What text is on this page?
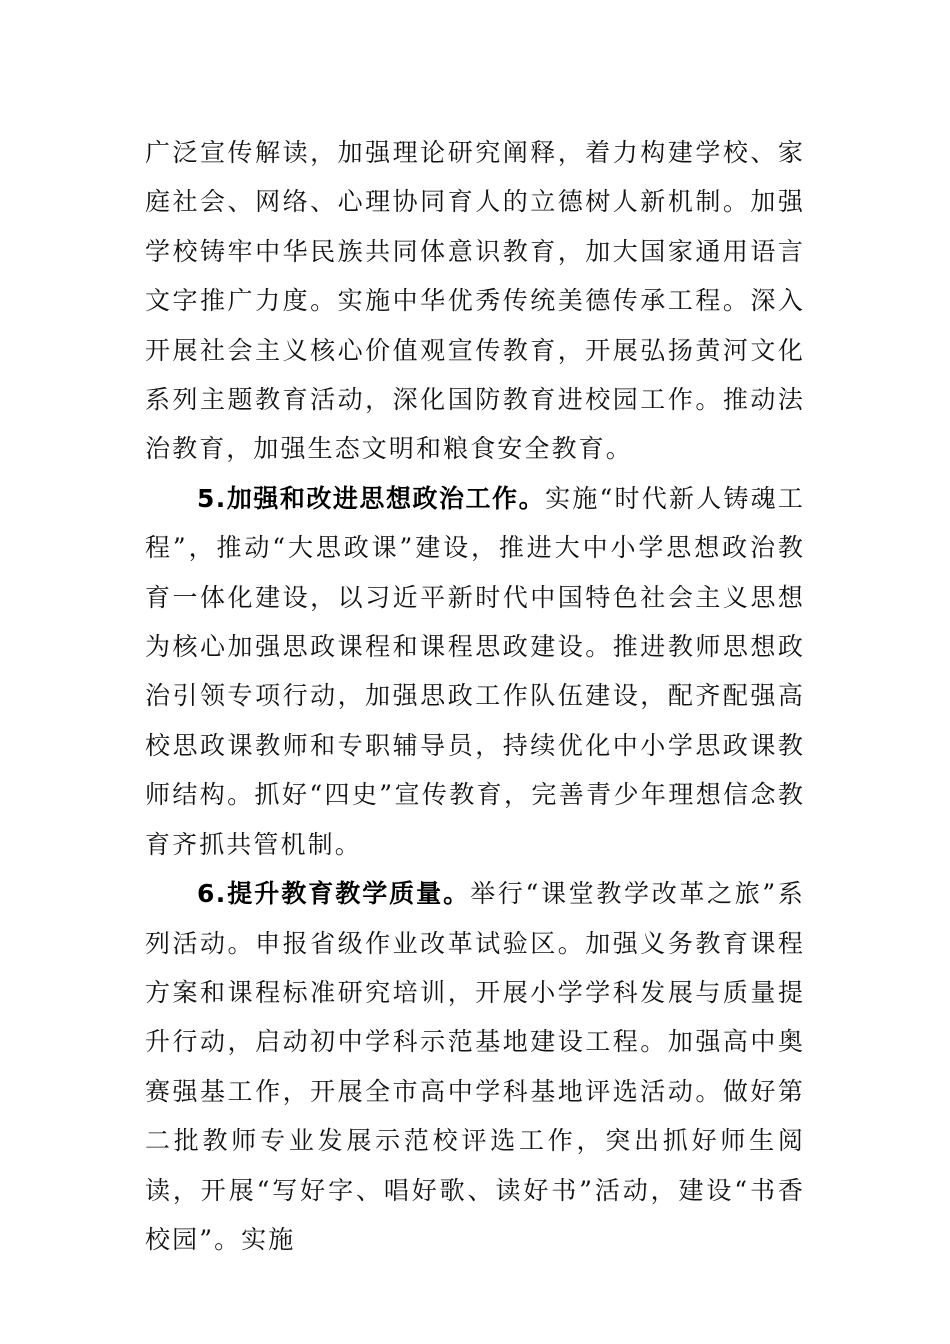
广泛宣传解读，加强理论研究阐释，着力构建学校、家庭社会、网络、心理协同育人的立德树人新机制。加强学校铸牢中华民族共同体意识教育，加大国家通用语言文字推广力度。实施中华优秀传统美德传承工程。深入开展社会主义核心价值观宣传教育，开展弘扬黄河文化系列主题教育活动，深化国防教育进校园工作。推动法治教育，加强生态文明和粮食安全教育。

5.加强和改进思想政治工作。实施“时代新人铸魂工程”，推动“大思政课”建设，推进大中小学思想政治教育一体化建设，以习近平新时代中国特色社会主义思想为核心加强思政课程和课程思政建设。推进教师思想政治引领专项行动，加强思政工作队伍建设，配齐配强高校思政课教师和专职辅导员，持续优化中小学思政课教师结构。抓好“四史”宣传教育，完善青少年理想信念教育齐抓共管机制。

6.提升教育教学质量。举行“课堂教学改革之旅”系列活动。申报省级作业改革试验区。加强义务教育课程方案和课程标准研究培训，开展小学学科发展与质量提升行动，启动初中学科示范基地建设工程。加强高中奥赛强基工作，开展全市高中学科基地评选活动。做好第二批教师专业发展示范校评选工作，突出抓好师生阅读，开展“写好字、唱好歌、读好书”活动，建设“书香校园”。实施
